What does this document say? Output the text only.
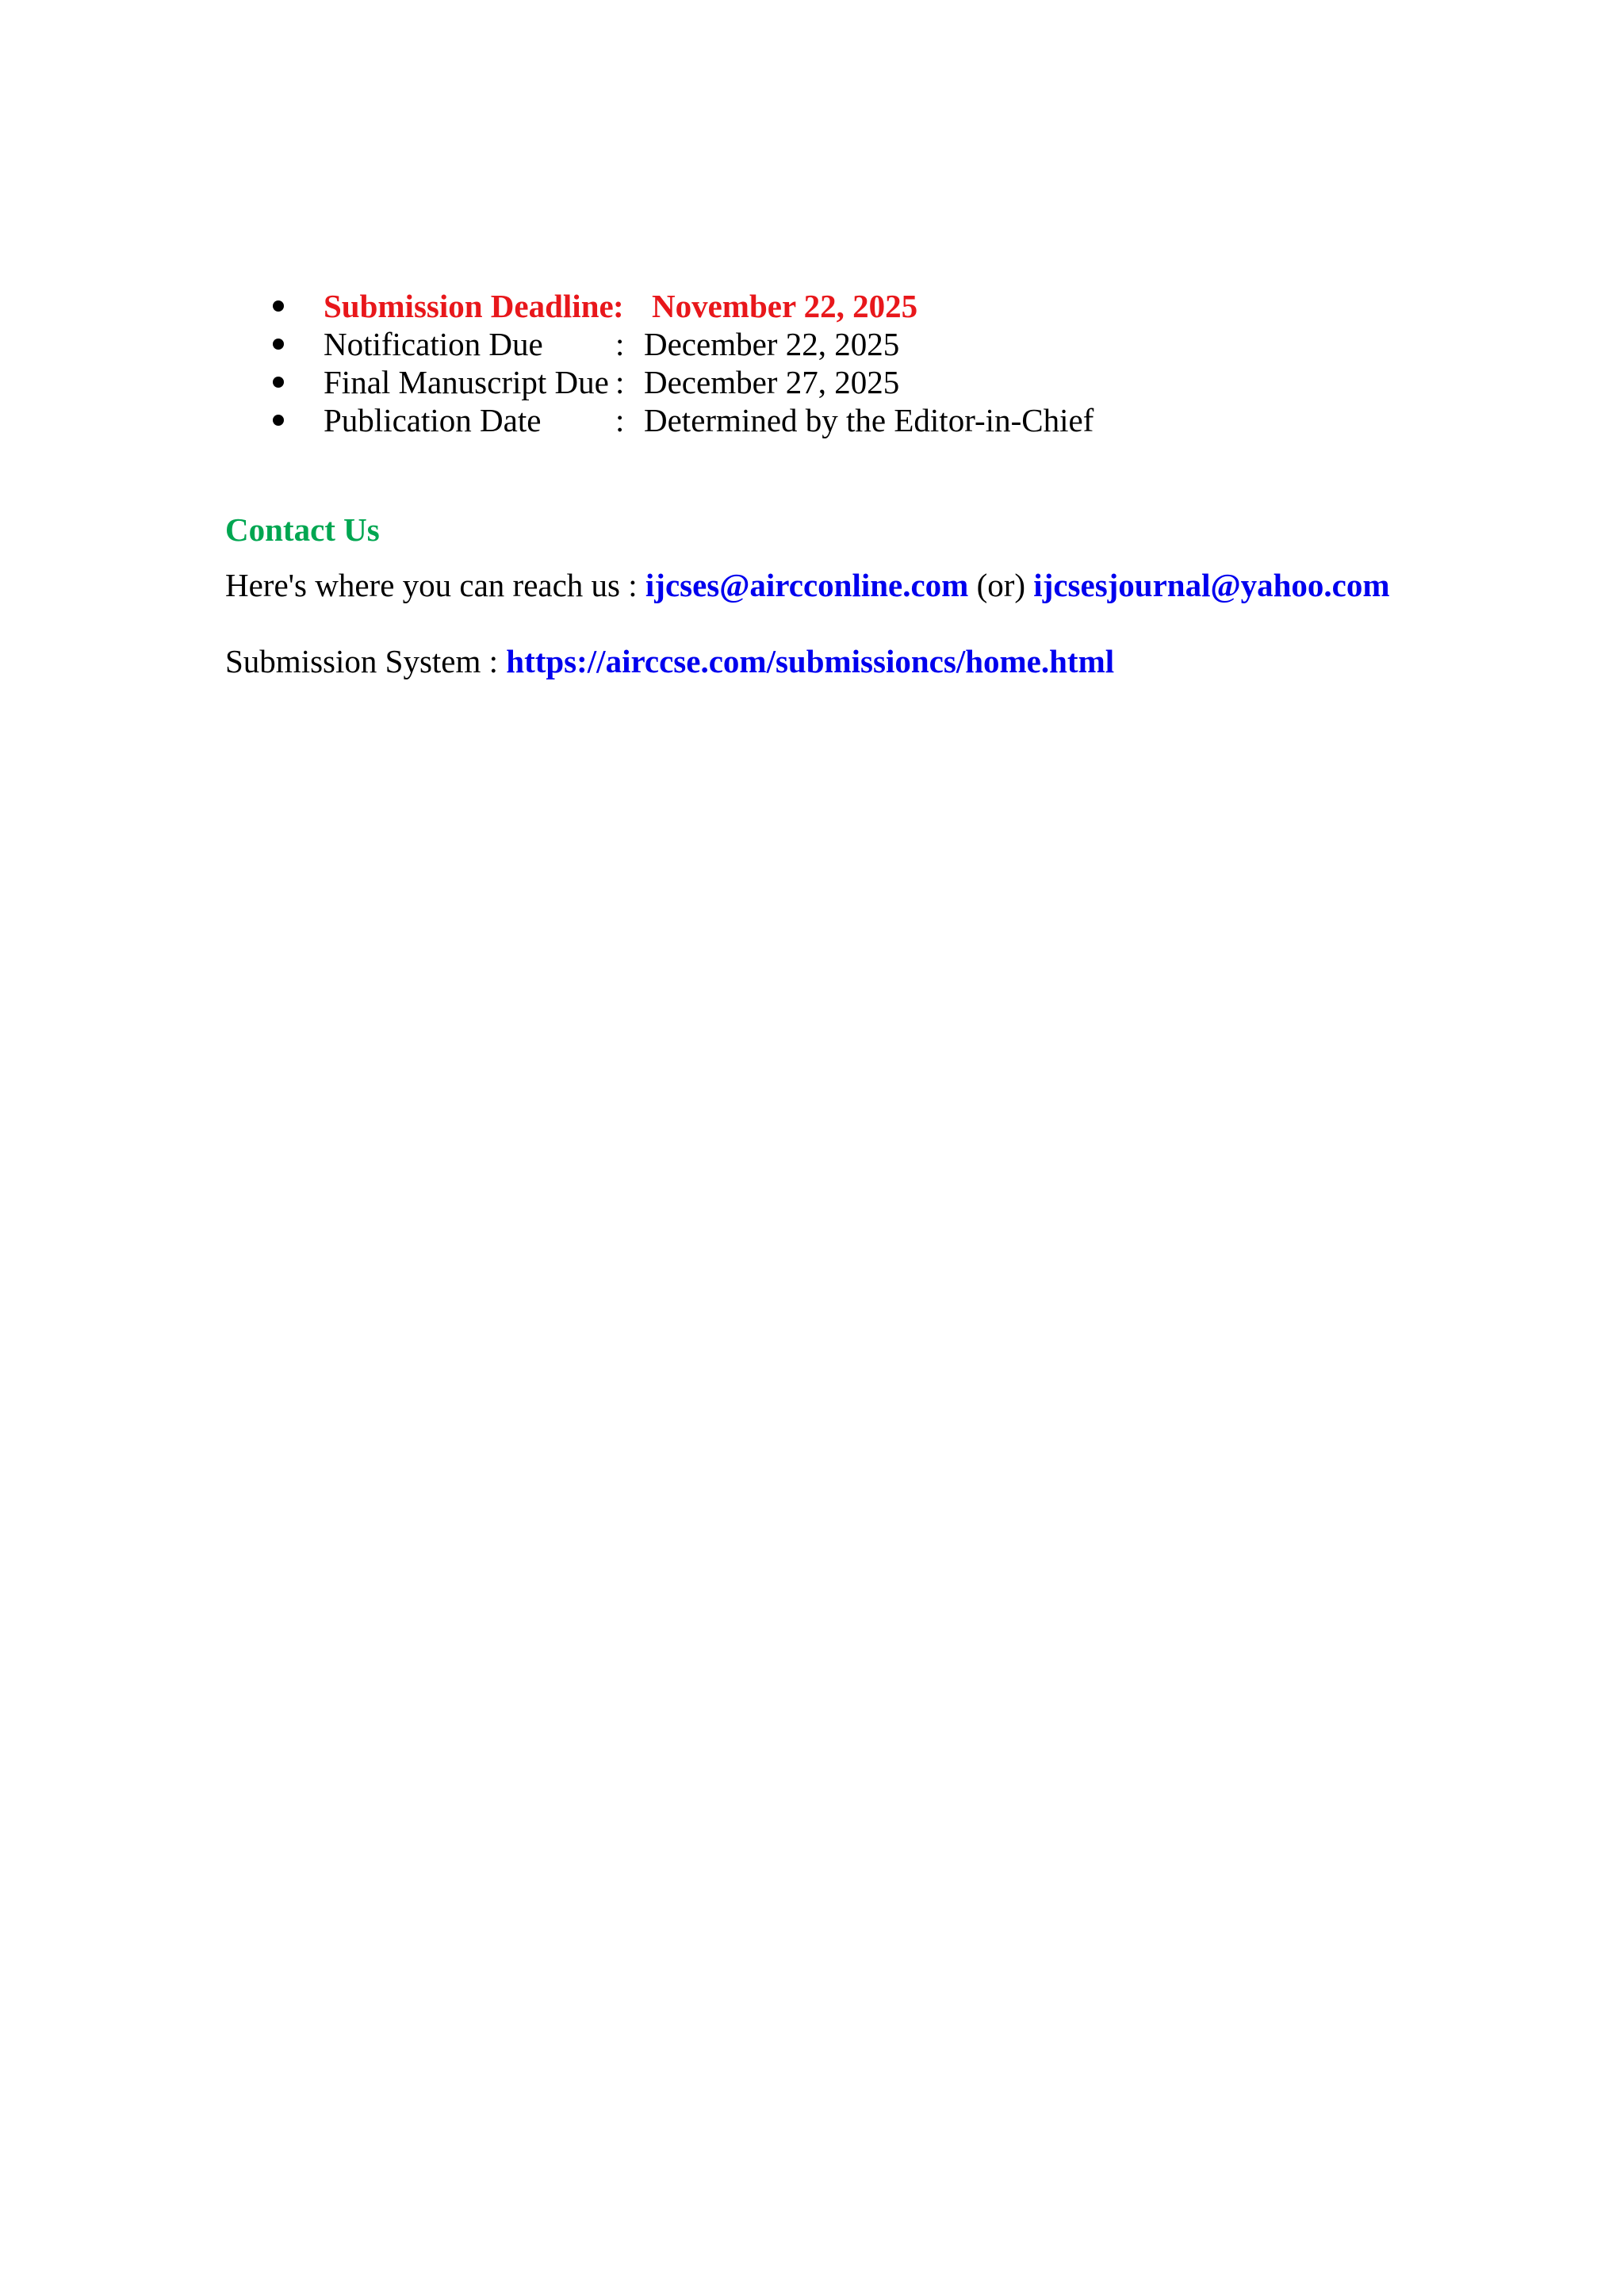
Submission Deadline : November 22, 2025
Notification Due : December 22, 2025
Final Manuscript Due : December 27, 2025
Publication Date : Determined by the Editor-in-Chief
Contact Us

Here's where you can reach us : ijcses@aircconline.com (or) ijcsesjournal@yahoo.com

Submission System : https://airccse.com/submissioncs/home.html
